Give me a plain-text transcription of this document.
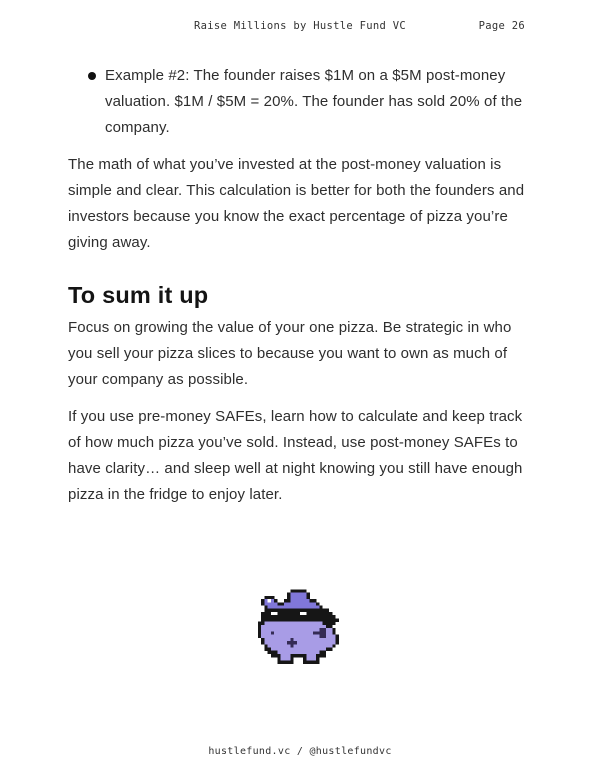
Raise Millions by Hustle Fund VC	Page 26
Example #2: The founder raises $1M on a $5M post-money
valuation. $1M / $5M = 20%. The founder has sold 20% of the
company.
The math of what you’ve invested at the post-money valuation is
simple and clear. This calculation is better for both the founders and
investors because you know the exact percentage of pizza you’re
giving away.
To sum it up
Focus on growing the value of your one pizza. Be strategic in who
you sell your pizza slices to because you want to own as much of
your company as possible.
If you use pre-money SAFEs, learn how to calculate and keep track
of how much pizza you’ve sold. Instead, use post-money SAFEs to
have clarity… and sleep well at night knowing you still have enough
pizza in the fridge to enjoy later.
hustlefund.vc / @hustlefundvc
